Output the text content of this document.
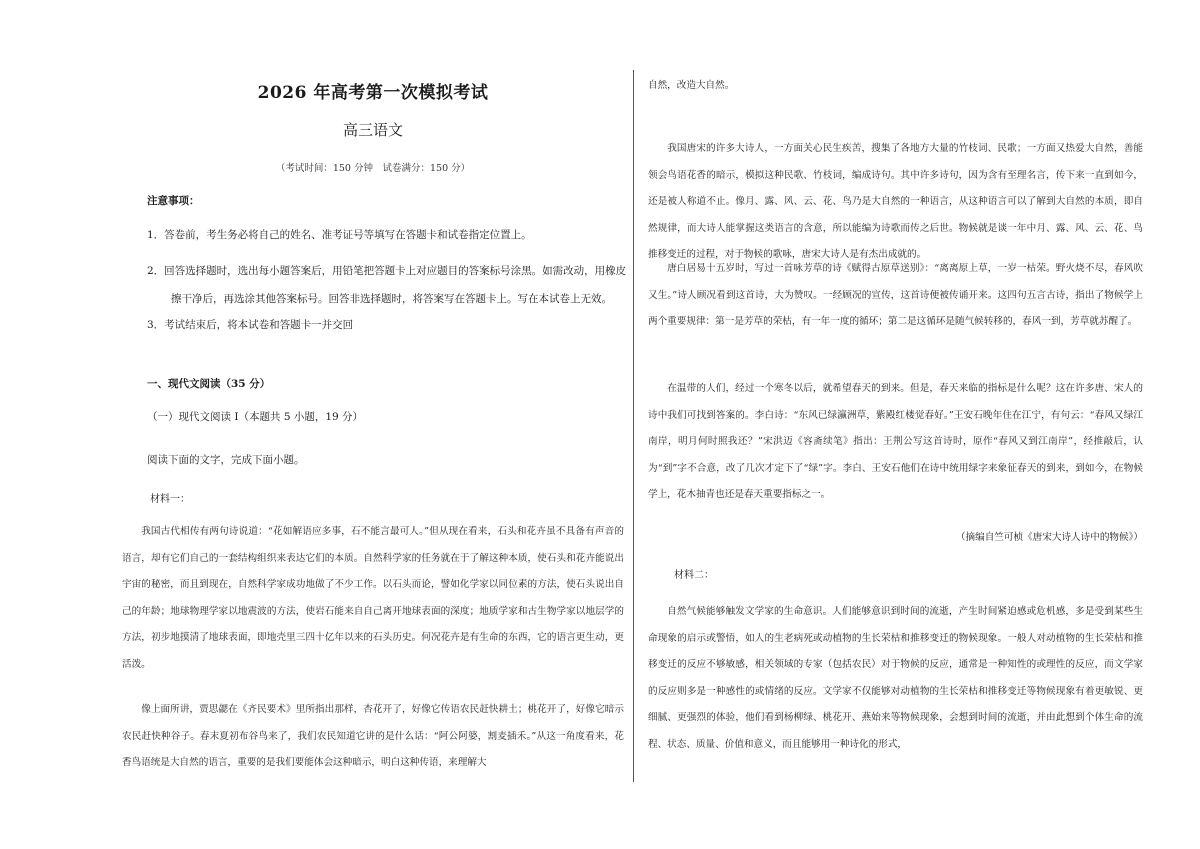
2026 年高考第一次模拟考试

高三语文

（考试时间：150 分钟　试卷满分：150 分）

注意事项：

1．答卷前，考生务必将自己的姓名、准考证号等填写在答题卡和试卷指定位置上。

2．回答选择题时，选出每小题答案后，用铅笔把答题卡上对应题目的答案标号涂黑。如需改动，用橡皮擦干净后，再选涂其他答案标号。回答非选择题时，将答案写在答题卡上。写在本试卷上无效。

3．考试结束后，将本试卷和答题卡一并交回

一、现代文阅读（35 分）

（一）现代文阅读 I（本题共 5 小题，19 分）

阅读下面的文字，完成下面小题。

材料一：

我国古代相传有两句诗说道：“花如解语应多事，石不能言最可人。”但从现在看来，石头和花卉虽不具备有声音的语言，却有它们自己的一套结构组织来表达它们的本质。自然科学家的任务就在于了解这种本质，使石头和花卉能说出宇宙的秘密，而且到现在，自然科学家成功地做了不少工作。以石头而论，譬如化学家以同位素的方法，使石头说出自己的年龄；地球物理学家以地震波的方法，使岩石能来自自己离开地球表面的深度；地质学家和古生物学家以地层学的方法，初步地摸清了地球表面，即地壳里三四十亿年以来的石头历史。何况花卉是有生命的东西，它的语言更生动，更活泼。

像上面所讲，贾思勰在《齐民要术》里所指出那样，杏花开了，好像它传语农民赶快耕土；桃花开了，好像它暗示农民赶快种谷子。春末夏初布谷鸟来了，我们农民知道它讲的是什么话：“阿公阿婆，割麦插禾。”从这一角度看来，花香鸟语统是大自然的语言，重要的是我们要能体会这种暗示，明白这种传语，来理解大

自然，改造大自然。

我国唐宋的许多大诗人，一方面关心民生疾苦，搜集了各地方大量的竹枝词、民歌；一方面又热爱大自然，善能领会鸟语花香的暗示，模拟这种民歌、竹枝词，编成诗句。其中许多诗句，因为含有至理名言，传下来一直到如今，还是被人称道不止。像月、露、风、云、花、鸟乃是大自然的一种语言，从这种语言可以了解到大自然的本质，即自然规律，而大诗人能掌握这类语言的含意，所以能编为诗歌而传之后世。物候就是谈一年中月、露、风、云、花、鸟推移变迁的过程，对于物候的歌咏，唐宋大诗人是有杰出成就的。

唐白居易十五岁时，写过一首咏芳草的诗《赋得古原草送别》：“离离原上草，一岁一枯荣。野火烧不尽，春风吹又生。”诗人顾况看到这首诗，大为赞叹。一经顾况的宣传，这首诗便被传诵开来。这四句五言古诗，指出了物候学上两个重要规律：第一是芳草的荣枯，有一年一度的循环；第二是这循环是随气候转移的，春风一到，芳草就苏醒了。

在温带的人们，经过一个寒冬以后，就希望春天的到来。但是，春天来临的指标是什么呢？这在许多唐、宋人的诗中我们可找到答案的。李白诗：“东风已绿瀛洲草，紫殿红楼觉春好。”王安石晚年住在江宁，有句云：“春风又绿江南岸，明月何时照我还？”宋洪迈《容斋续笔》指出：王荆公写这首诗时，原作“春风又到江南岸”，经推敲后，认为“到”字不合意，改了几次才定下了“绿”字。李白、王安石他们在诗中统用绿字来象征春天的到来，到如今，在物候学上，花木抽青也还是春天重要指标之一。

（摘编自竺可桢《唐宋大诗人诗中的物候》）

材料二：

自然气候能够触发文学家的生命意识。人们能够意识到时间的流逝，产生时间紧迫感或危机感，多是受到某些生命现象的启示或警悟，如人的生老病死或动植物的生长荣枯和推移变迁的物候现象。一般人对动植物的生长荣枯和推移变迁的反应不够敏感，相关领域的专家（包括农民）对于物候的反应，通常是一种知性的或理性的反应，而文学家的反应则多是一种感性的或情绪的反应。文学家不仅能够对动植物的生长荣枯和推移变迁等物候现象有着更敏锐、更细腻、更强烈的体验，他们看到杨柳绿、桃花开、燕始来等物候现象，会想到时间的流逝，并由此想到个体生命的流程、状态、质量、价值和意义，而且能够用一种诗化的形式，
